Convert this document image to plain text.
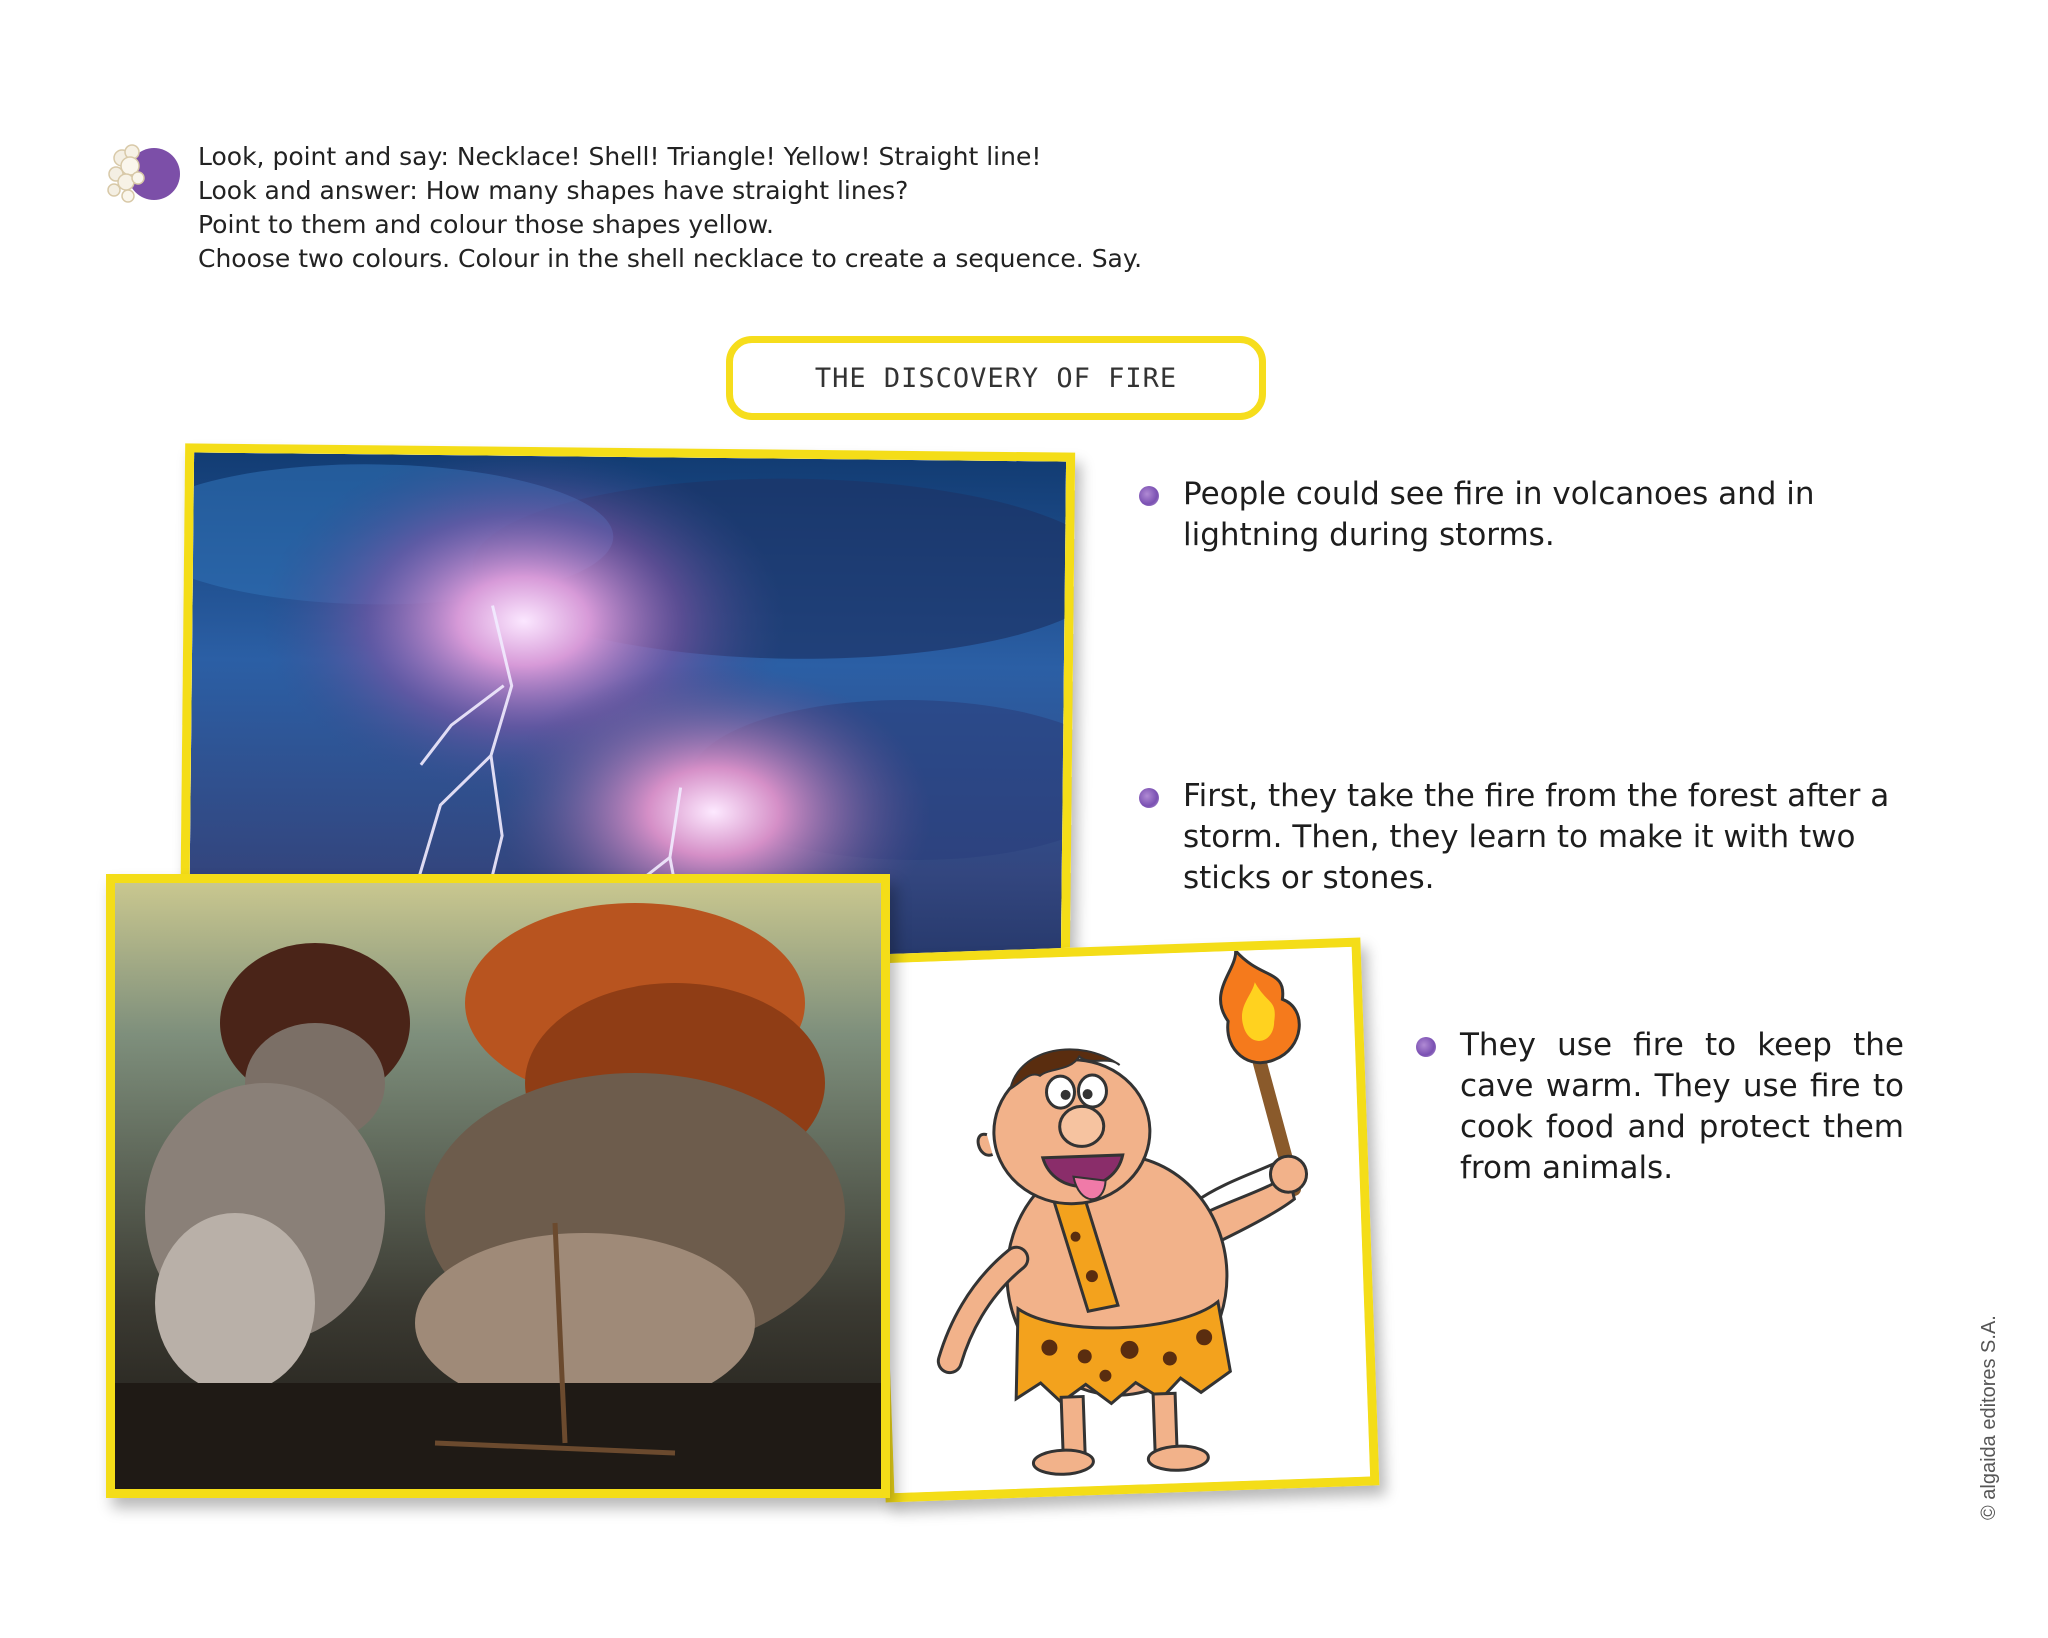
Look, point and say: Necklace! Shell! Triangle! Yellow! Straight line!
Look and answer: How many shapes have straight lines?
Point to them and colour those shapes yellow.
Choose two colours. Colour in the shell necklace to create a sequence. Say.
THE DISCOVERY OF FIRE
People could see fire in volcanoes and in lightning during storms.
First, they take the fire from the forest after a storm. Then, they learn to make it with two sticks or stones.
They use fire to keep the cave warm. They use fire to cook food and protect them from animals.
© algaida editores S.A.
